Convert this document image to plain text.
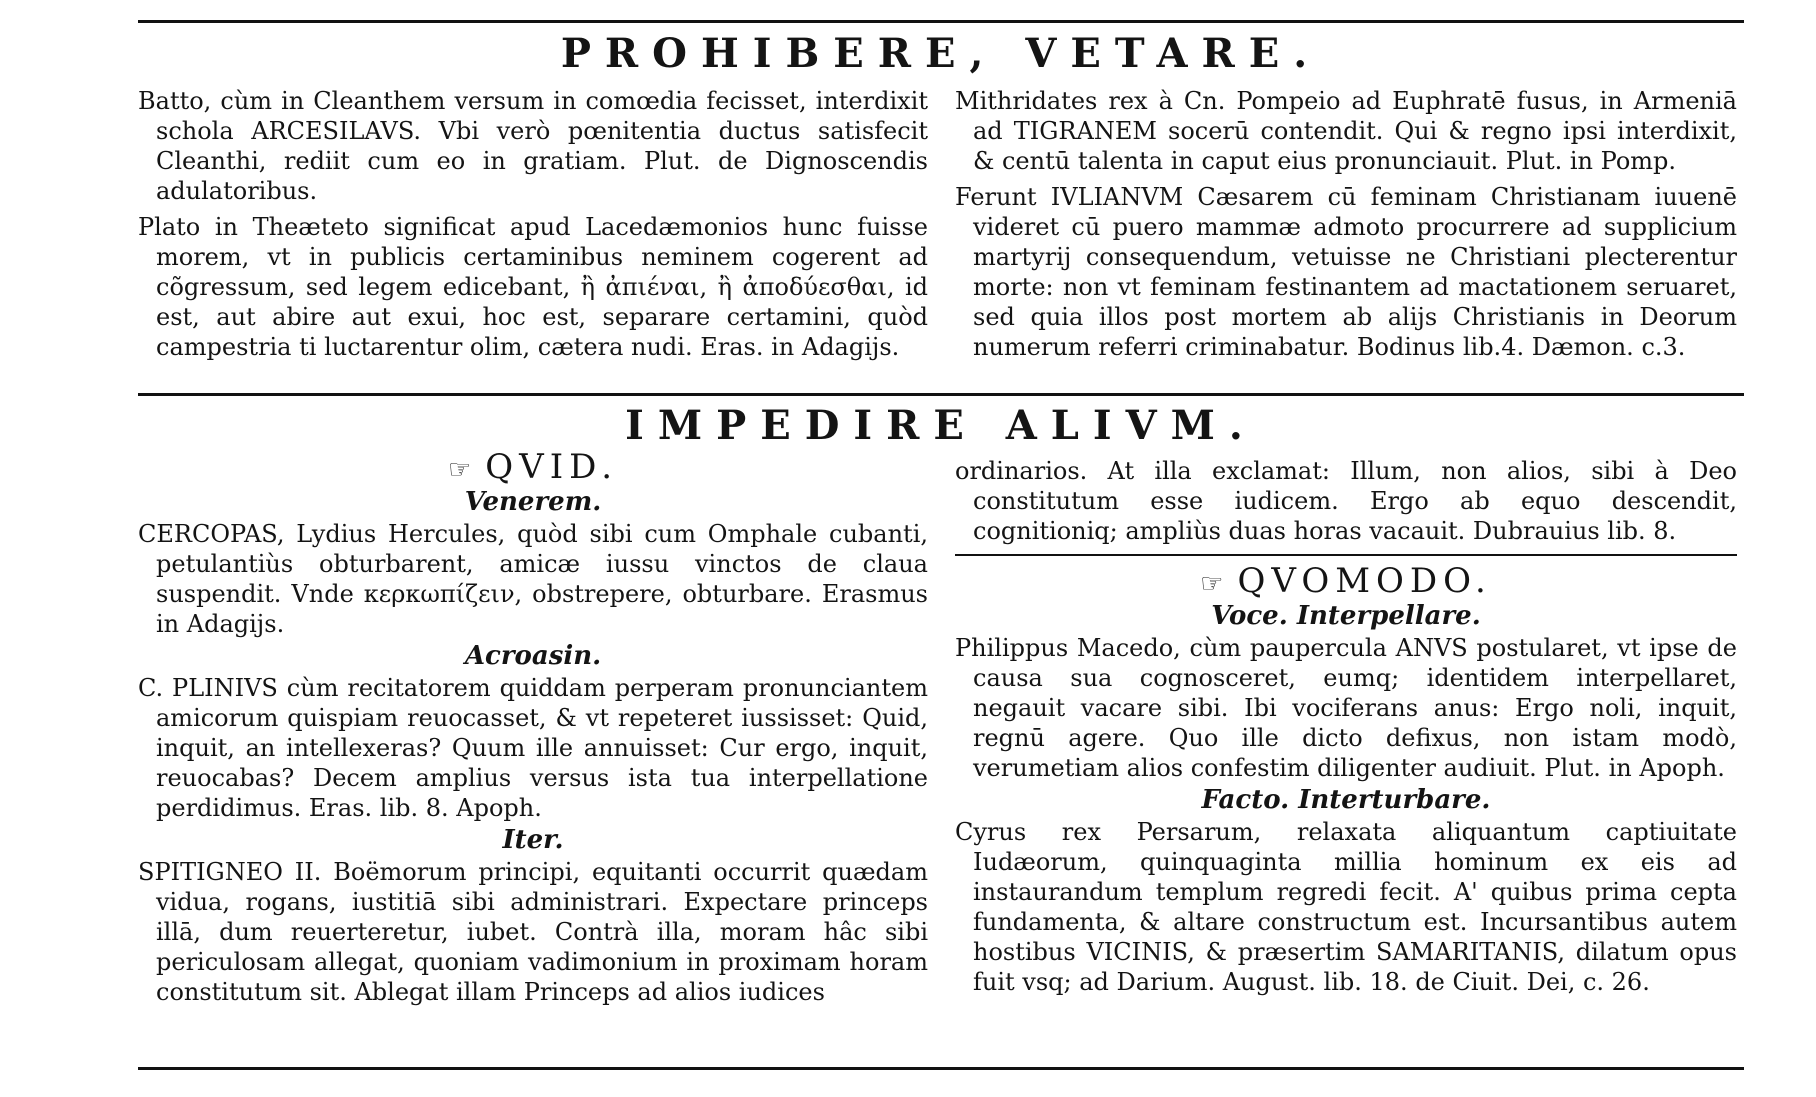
PROHIBERE, VETARE.

Batto, cùm in Cleanthem versum in comœdia fecisset, interdixit schola ARCESILAVS. Vbi verò pœnitentia ductus satisfecit Cleanthi, rediit cum eo in gratiam. Plut. de Dignoscendis adulatoribus.

Plato in Theæteto significat apud Lacedæmonios hunc fuisse morem, vt in publicis certaminibus neminem cogerent ad cõgressum, sed legem edicebant, ἢ ἀπιέναι, ἢ ἀποδύεσθαι, id est, aut abire aut exui, hoc est, separare certamini, quòd campestria ti luctarentur olim, cætera nudi. Eras. in Adagijs.

Mithridates rex à Cn. Pompeio ad Euphratē fusus, in Armeniā ad TIGRANEM socerū contendit. Qui & regno ipsi interdixit, & centū talenta in caput eius pronunciauit. Plut. in Pomp.

Ferunt IVLIANVM Cæsarem cū feminam Christianam iuuenē videret cū puero mammæ admoto procurrere ad supplicium martyrij consequendum, vetuisse ne Christiani plecterentur morte: non vt feminam festinantem ad mactationem seruaret, sed quia illos post mortem ab alijs Christianis in Deorum numerum referri criminabatur. Bodinus lib.4. Dæmon. c.3.

IMPEDIRE ALIVM.
☞ QVID.
Venerem.

CERCOPAS, Lydius Hercules, quòd sibi cum Omphale cubanti, petulantiùs obturbarent, amicæ iussu vinctos de claua suspendit. Vnde κερκωπίζειν, obstrepere, obturbare. Erasmus in Adagijs.

Acroasin.

C. PLINIVS cùm recitatorem quiddam perperam pronunciantem amicorum quispiam reuocasset, & vt repeteret iussisset: Quid, inquit, an intellexeras? Quum ille annuisset: Cur ergo, inquit, reuocabas? Decem amplius versus ista tua interpellatione perdidimus. Eras. lib. 8. Apoph.

Iter.

SPITIGNEO II. Boëmorum principi, equitanti occurrit quædam vidua, rogans, iustitiā sibi administrari. Expectare princeps illā, dum reuerteretur, iubet. Contrà illa, moram hâc sibi periculosam allegat, quoniam vadimonium in proximam horam constitutum sit. Ablegat illam Princeps ad alios iudices

ordinarios. At illa exclamat: Illum, non alios, sibi à Deo constitutum esse iudicem. Ergo ab equo descendit, cognitioniq; ampliùs duas horas vacauit. Dubrauius lib. 8.

☞ QVOMODO.
Voce. Interpellare.

Philippus Macedo, cùm paupercula ANVS postularet, vt ipse de causa sua cognosceret, eumq; identidem interpellaret, negauit vacare sibi. Ibi vociferans anus: Ergo noli, inquit, regnū agere. Quo ille dicto defixus, non istam modò, verumetiam alios confestim diligenter audiuit. Plut. in Apoph.

Facto. Interturbare.

Cyrus rex Persarum, relaxata aliquantum captiuitate Iudæorum, quinquaginta millia hominum ex eis ad instaurandum templum regredi fecit. A' quibus prima cepta fundamenta, & altare constructum est. Incursantibus autem hostibus VICINIS, & præsertim SAMARITANIS, dilatum opus fuit vsq; ad Darium. August. lib. 18. de Ciuit. Dei, c. 26.
